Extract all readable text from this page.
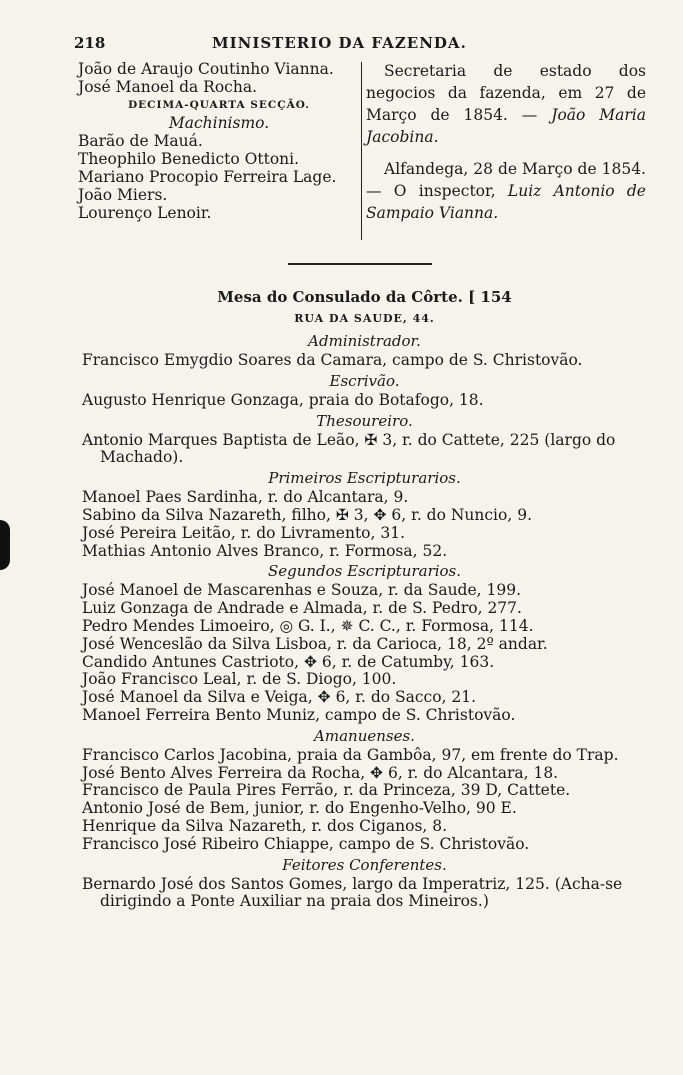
218	MINISTERIO DA FAZENDA.
João de Araujo Coutinho Vianna.
José Manoel da Rocha.
DECIMA-QUARTA SECÇÃO.
Machinismo.
Barão de Mauá.
Theophilo Benedicto Ottoni.
Mariano Procopio Ferreira Lage.
João Miers.
Lourenço Lenoir.
Secretaria de estado dos negocios da fazenda, em 27 de Março de 1854. — João Maria Jacobina.
Alfandega, 28 de Março de 1854. — O inspector, Luiz Antonio de Sampaio Vianna.
Mesa do Consulado da Côrte. [ 154
RUA DA SAUDE, 44.
Administrador.
Francisco Emygdio Soares da Camara, campo de S. Christovão.
Escrivão.
Augusto Henrique Gonzaga, praia do Botafogo, 18.
Thesoureiro.
Antonio Marques Baptista de Leão, ✠ 3, r. do Cattete, 225 (largo do
Machado).
Primeiros Escripturarios.
Manoel Paes Sardinha, r. do Alcantara, 9.
Sabino da Silva Nazareth, filho, ✠ 3, ✥ 6, r. do Nuncio, 9.
José Pereira Leitão, r. do Livramento, 31.
Mathias Antonio Alves Branco, r. Formosa, 52.
Segundos Escripturarios.
José Manoel de Mascarenhas e Souza, r. da Saude, 199.
Luiz Gonzaga de Andrade e Almada, r. de S. Pedro, 277.
Pedro Mendes Limoeiro, ◎ G. I., ✵ C. C., r. Formosa, 114.
José Wenceslão da Silva Lisboa, r. da Carioca, 18, 2º andar.
Candido Antunes Castrioto, ✥ 6, r. de Catumby, 163.
João Francisco Leal, r. de S. Diogo, 100.
José Manoel da Silva e Veiga, ✥ 6, r. do Sacco, 21.
Manoel Ferreira Bento Muniz, campo de S. Christovão.
Amanuenses.
Francisco Carlos Jacobina, praia da Gambôa, 97, em frente do Trap.
José Bento Alves Ferreira da Rocha, ✥ 6, r. do Alcantara, 18.
Francisco de Paula Pires Ferrão, r. da Princeza, 39 D, Cattete.
Antonio José de Bem, junior, r. do Engenho-Velho, 90 E.
Henrique da Silva Nazareth, r. dos Ciganos, 8.
Francisco José Ribeiro Chiappe, campo de S. Christovão.
Feitores Conferentes.
Bernardo José dos Santos Gomes, largo da Imperatriz, 125. (Acha-se
dirigindo a Ponte Auxiliar na praia dos Mineiros.)
